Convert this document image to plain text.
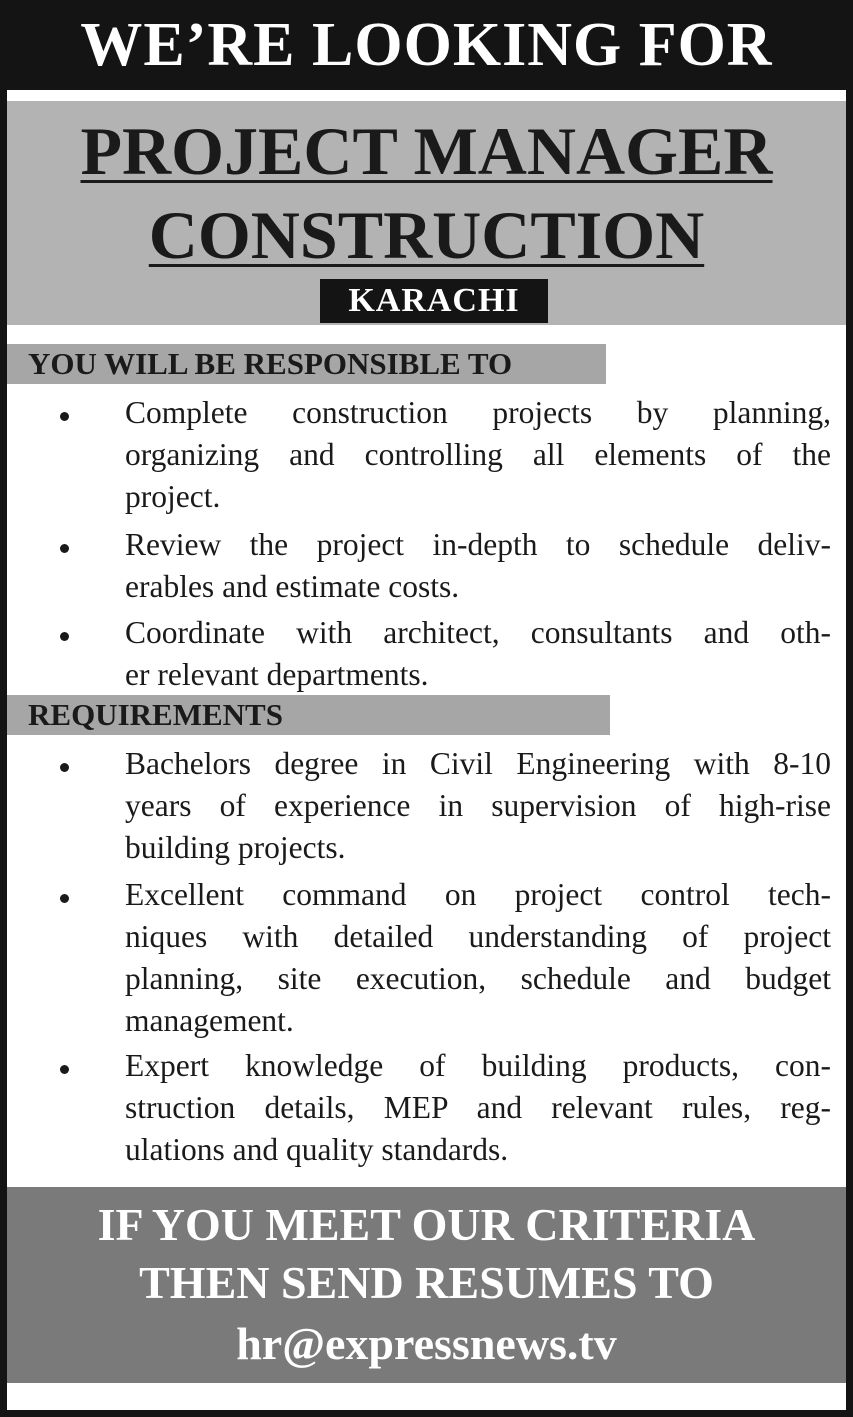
WE’RE LOOKING FOR
PROJECT MANAGER
CONSTRUCTION
KARACHI
YOU WILL BE RESPONSIBLE TO
Complete construction projects by planning,
organizing and controlling all elements of the
project.
Review the project in-depth to schedule deliv-
erables and estimate costs.
Coordinate with architect, consultants and oth-
er relevant departments.
REQUIREMENTS
Bachelors degree in Civil Engineering with 8-10
years of experience in supervision of high-rise
building projects.
Excellent command on project control tech-
niques with detailed understanding of project
planning, site execution, schedule and budget
management.
Expert knowledge of building products, con-
struction details, MEP and relevant rules, reg-
ulations and quality standards.
IF YOU MEET OUR CRITERIA
THEN SEND RESUMES TO
hr@expressnews.tv
